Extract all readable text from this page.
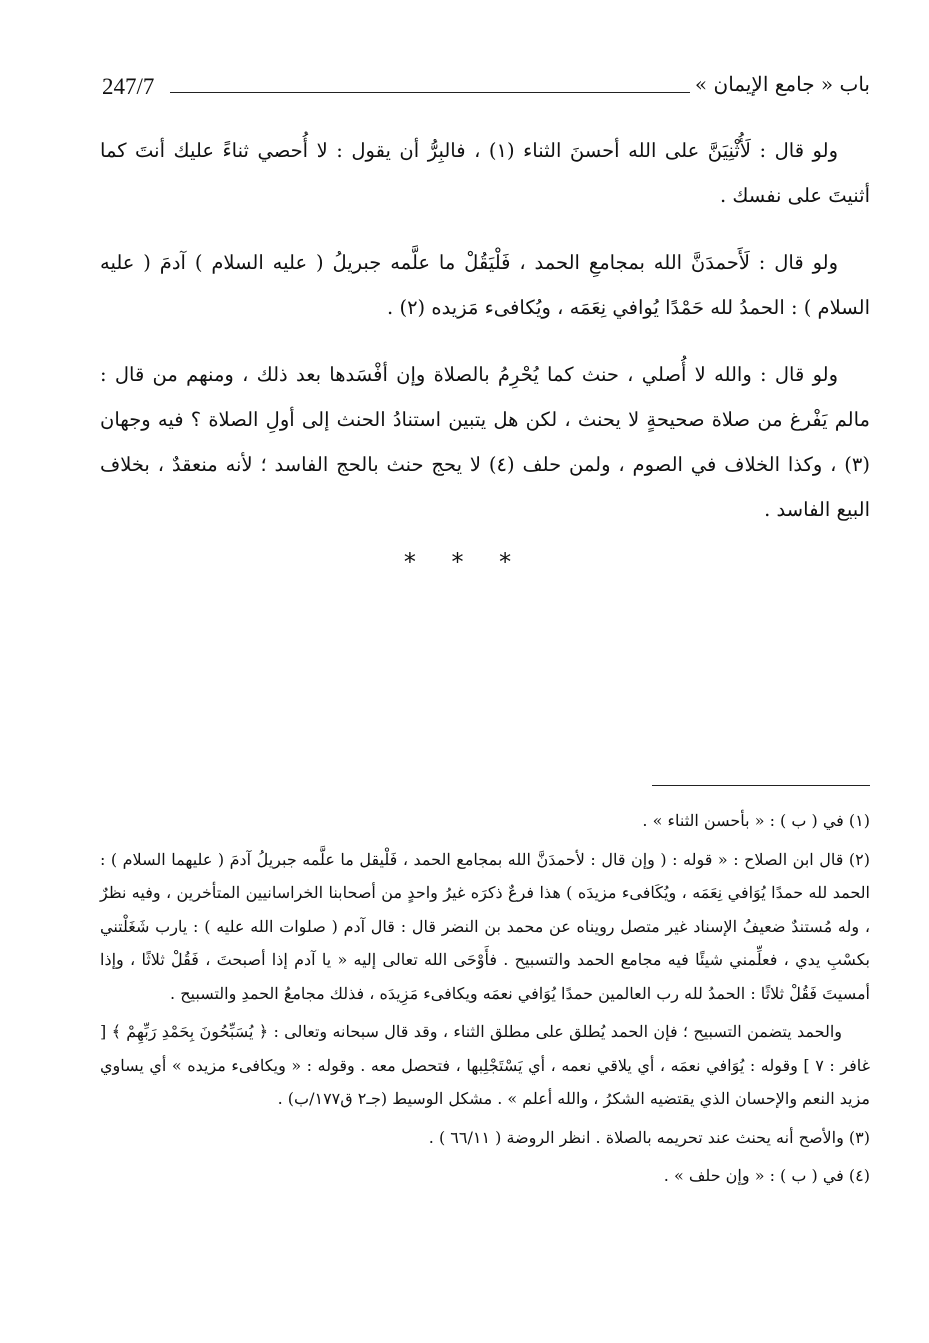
247/7	باب « جامع الإيمان »

ولو قال : لَأُثْنِيَنَّ على الله أحسنَ الثناء (١) ، فالبِرُّ أن يقول : لا أُحصي ثناءً عليك أنتَ كما أثنيتَ على نفسك .

ولو قال : لَأَحمدَنَّ الله بمجامعِ الحمد ، فَلْيَقُلْ ما علَّمه جبريلُ ( عليه السلام ) آدمَ ( عليه السلام ) : الحمدُ لله حَمْدًا يُوافي نِعَمَه ، ويُكافىء مَزيده (٢) .

ولو قال : والله لا أُصلي ، حنث كما يُحْرِمُ بالصلاة وإن أفْسَدها بعد ذلك ، ومنهم من قال : مالم يَفْرغ من صلاة صحيحةٍ لا يحنث ، لكن هل يتبين استنادُ الحنث إلى أولِ الصلاة ؟ فيه وجهان (٣) ، وكذا الخلاف في الصوم ، ولمن حلف (٤) لا يحج حنث بالحج الفاسد ؛ لأنه منعقدٌ ، بخلاف البيع الفاسد .

* * *

(١) في ( ب ) : « بأحسن الثناء » .

(٢) قال ابن الصلاح : « قوله : ( وإن قال : لأحمدَنَّ الله بمجامع الحمد ، فَلْيقل ما علَّمه جبريلُ آدمَ ( عليهما السلام ) : الحمد لله حمدًا يُوَافي نِعَمَه ، ويُكَافىء مزيدَه ) هذا فرعٌ ذكرَه غيرُ واحدٍ من أصحابنا الخراسانيين المتأخرين ، وفيه نظرٌ ، وله مُستندٌ ضعيفُ الإسناد غير متصل رويناه عن محمد بن النضر قال : قال آدم ( صلوات الله عليه ) : يارب شَغَلْتني بكسْبِ يدي ، فعلِّمني شيئًا فيه مجامع الحمد والتسبيح . فأَوْحَى الله تعالى إليه « يا آدم إذا أصبحتَ ، فَقُلْ ثلاثًا ، وإذا أمسيتَ فَقُلْ ثلاثًا : الحمدُ لله رب العالمين حمدًا يُوَافي نعمَه ويكافىء مَزِيدَه ، فذلك مجامعُ الحمدِ والتسبيح .

والحمد يتضمن التسبيح ؛ فإن الحمد يُطلق على مطلق الثناء ، وقد قال سبحانه وتعالى : ﴿ يُسَبِّحُونَ بِحَمْدِ رَبِّهِمْ ﴾ [ غافر : ٧ ] وقوله : يُوَافي نعمَه ، أي يلاقي نعمه ، أي يَسْتَجْلِبها ، فتحصل معه . وقوله : « ويكافىء مزيده » أي يساوي مزيد النعم والإحسان الذي يقتضيه الشكرُ ، والله أعلم » . مشكل الوسيط (جـ٢ ق١٧٧/ب) .

(٣) والأصح أنه يحنث عند تحريمه بالصلاة . انظر الروضة ( ٦٦/١١ ) .

(٤) في ( ب ) : « وإن حلف » .
